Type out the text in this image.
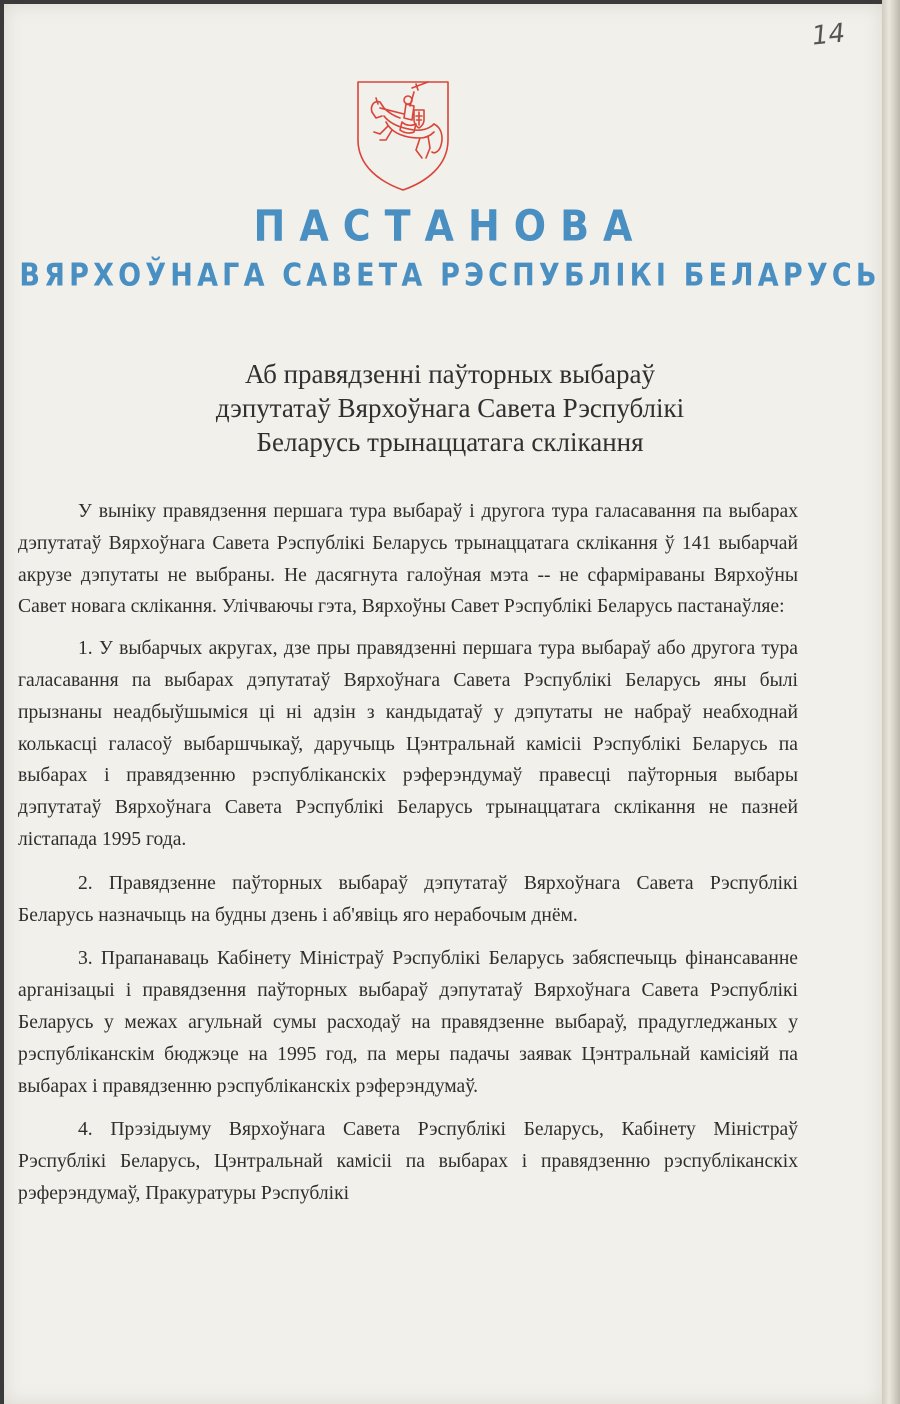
14
ПАСТАНОВА
ВЯРХОЎНАГА САВЕТА РЭСПУБЛІКІ БЕЛАРУСЬ
Аб правядзенні паўторных выбараў
дэпутатаў Вярхоўнага Савета Рэспублікі
Беларусь трынаццатага склікання

У выніку правядзення першага тура выбараў і другога тура галасавання па выбарах дэпутатаў Вярхоўнага Савета Рэспублікі Беларусь трынаццатага склікання ў 141 выбарчай акрузе дэпутаты не выбраны. Не дасягнута галоўная мэта -- не сфарміраваны Вярхоўны Савет новага склікання. Улічваючы гэта, Вярхоўны Савет Рэспублікі Беларусь пастанаўляе:

1. У выбарчых акругах, дзе пры правядзенні першага тура выбараў або другога тура галасавання па выбарах дэпутатаў Вярхоўнага Савета Рэспублікі Беларусь яны былі прызнаны неадбыўшыміся ці ні адзін з кандыдатаў у дэпутаты не набраў неабходнай колькасці галасоў выбаршчыкаў, даручыць Цэнтральнай камісіі Рэспублікі Беларусь па выбарах і правядзенню рэспубліканскіх рэферэндумаў правесці паўторныя выбары дэпутатаў Вярхоўнага Савета Рэспублікі Беларусь трынаццатага склікання не пазней лістапада 1995 года.

2. Правядзенне паўторных выбараў дэпутатаў Вярхоўнага Савета Рэспублікі Беларусь назначыць на будны дзень і аб'явіць яго нерабочым днём.

3. Прапанаваць Кабінету Міністраў Рэспублікі Беларусь забяспечыць фінансаванне арганізацыі і правядзення паўторных выбараў дэпутатаў Вярхоўнага Савета Рэспублікі Беларусь у межах агульнай сумы расходаў на правядзенне выбараў, прадугледжаных у рэспубліканскім бюджэце на 1995 год, па меры падачы заявак Цэнтральнай камісіяй па выбарах і правядзенню рэспубліканскіх рэферэндумаў.

4. Прэзідыуму Вярхоўнага Савета Рэспублікі Беларусь, Кабінету Міністраў Рэспублікі Беларусь, Цэнтральнай камісіі па выбарах і правядзенню рэспубліканскіх рэферэндумаў, Пракуратуры Рэспублікі
